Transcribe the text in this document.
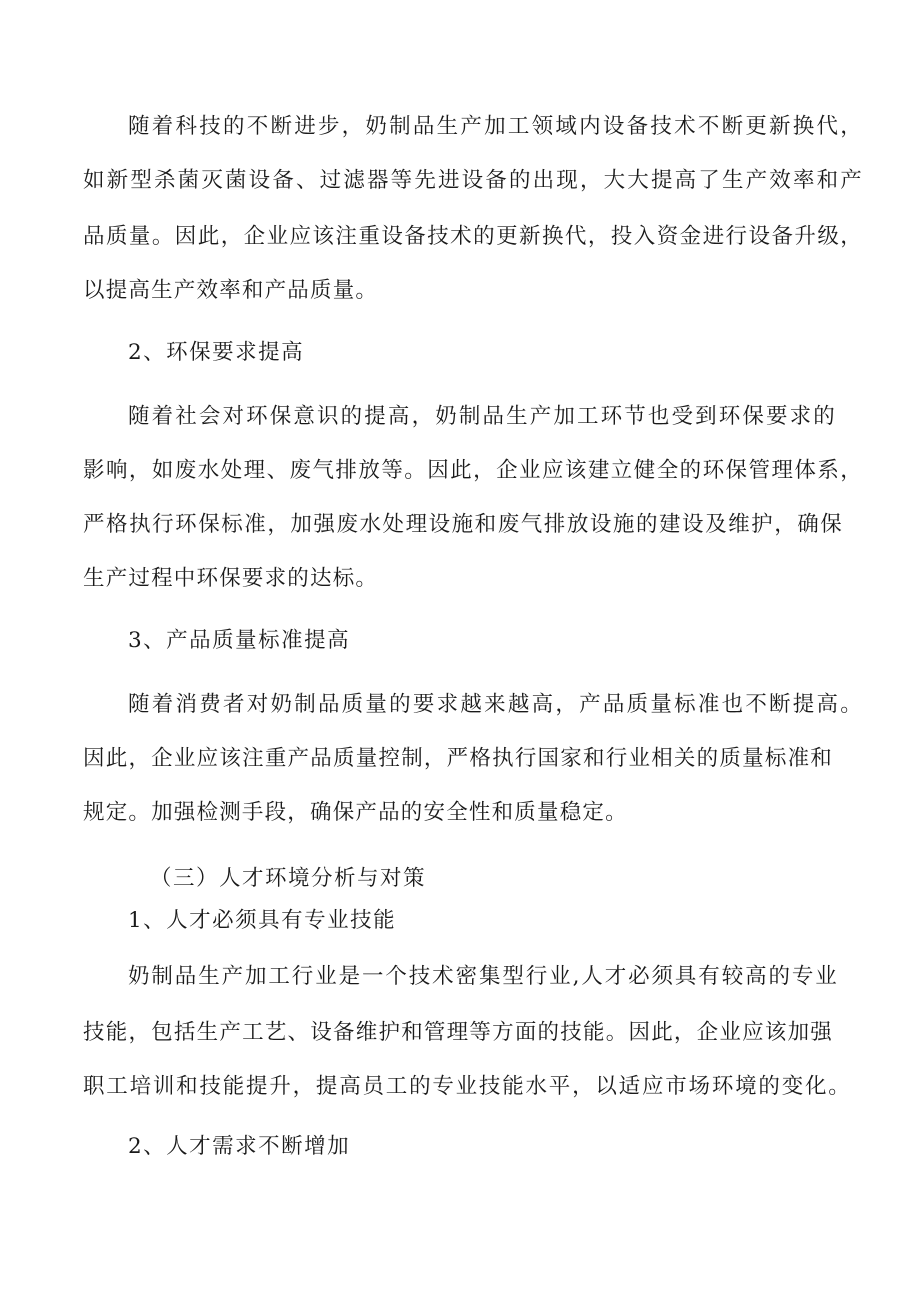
随着科技的不断进步，奶制品生产加工领域内设备技术不断更新换代，
如新型杀菌灭菌设备、过滤器等先进设备的出现，大大提高了生产效率和产
品质量。因此，企业应该注重设备技术的更新换代，投入资金进行设备升级，
以提高生产效率和产品质量。
2、环保要求提高
随着社会对环保意识的提高，奶制品生产加工环节也受到环保要求的
影响，如废水处理、废气排放等。因此，企业应该建立健全的环保管理体系，
严格执行环保标准，加强废水处理设施和废气排放设施的建设及维护，确保
生产过程中环保要求的达标。
3、产品质量标准提高
随着消费者对奶制品质量的要求越来越高，产品质量标准也不断提高。
因此，企业应该注重产品质量控制，严格执行国家和行业相关的质量标准和
规定。加强检测手段，确保产品的安全性和质量稳定。
（三）人才环境分析与对策
1、人才必须具有专业技能
奶制品生产加工行业是一个技术密集型行业,人才必须具有较高的专业
技能，包括生产工艺、设备维护和管理等方面的技能。因此，企业应该加强
职工培训和技能提升，提高员工的专业技能水平，以适应市场环境的变化。
2、人才需求不断增加
